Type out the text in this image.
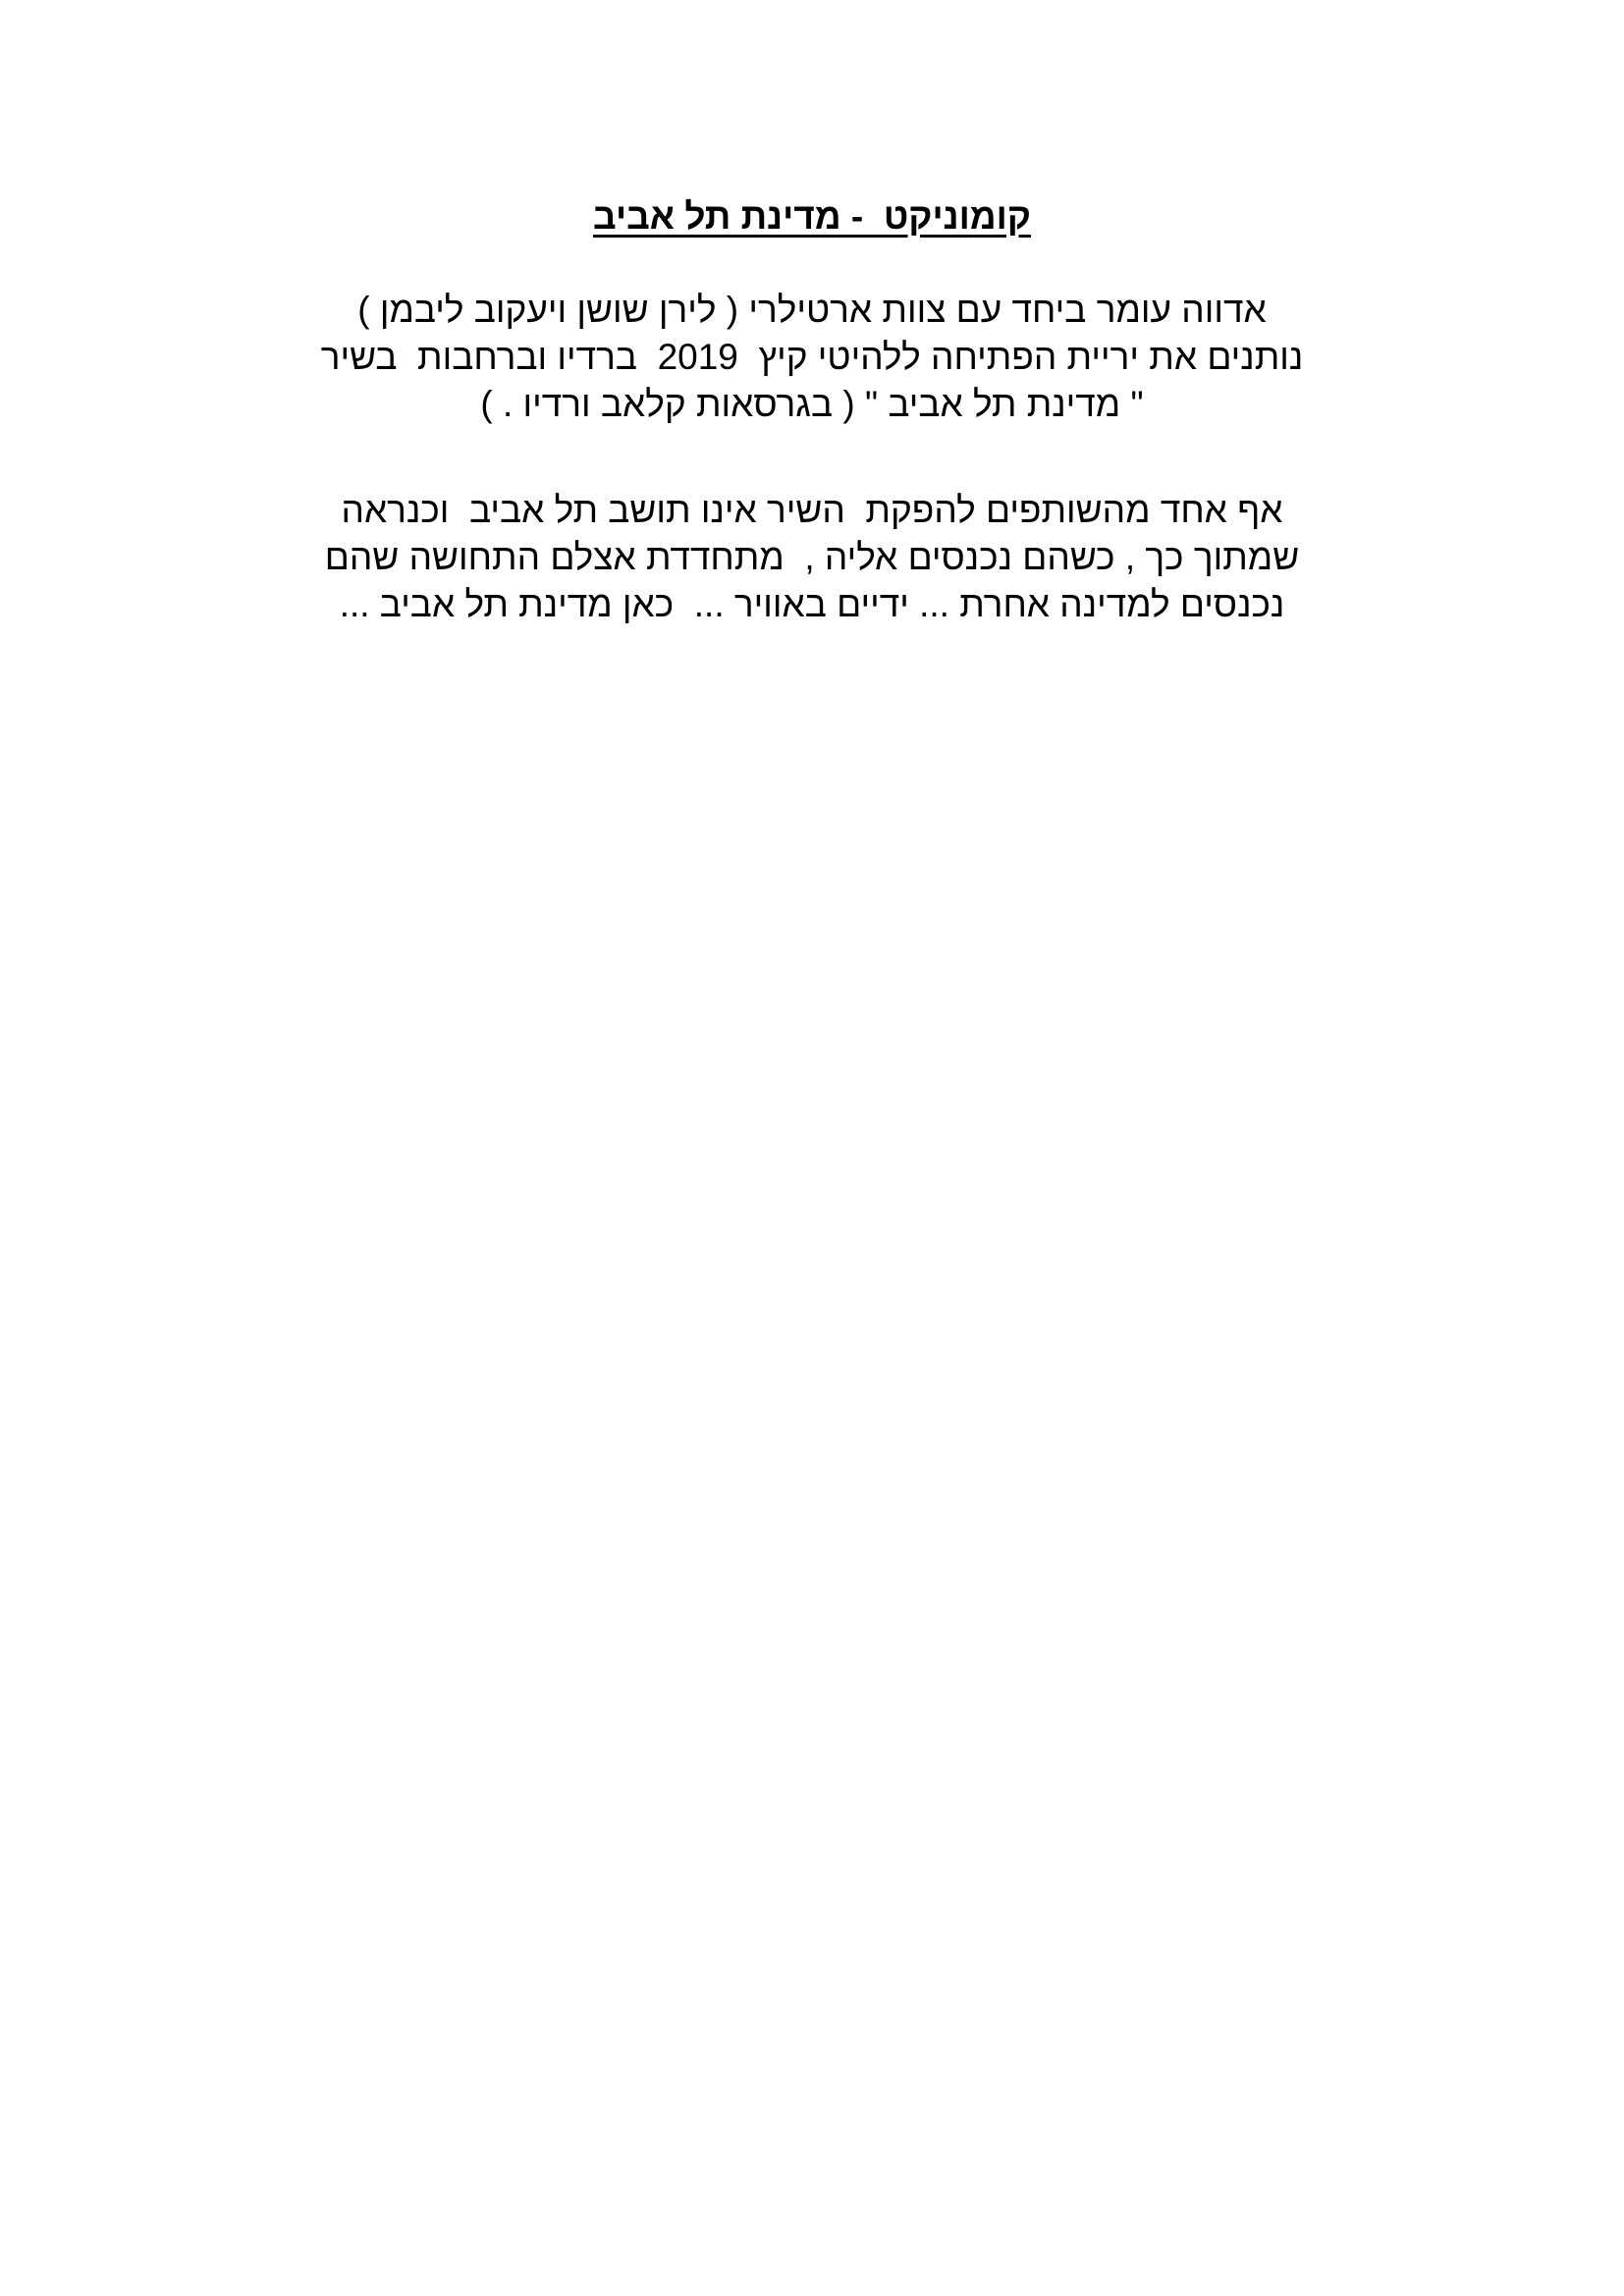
קומוניקט  - מדינת תל אביב
אדווה עומר ביחד עם צוות ארטילרי ( לירן שושן ויעקוב ליבמן )
נותנים את יריית הפתיחה ללהיטי קיץ  2019  ברדיו וברחבות  בשיר
" מדינת תל אביב " ( בגרסאות קלאב ורדיו . )
אף אחד מהשותפים להפקת  השיר אינו תושב תל אביב  וכנראה
שמתוך כך , כשהם נכנסים אליה ,  מתחדדת אצלם התחושה שהם
נכנסים למדינה אחרת ... ידיים באוויר ...  כאן מדינת תל אביב ...
